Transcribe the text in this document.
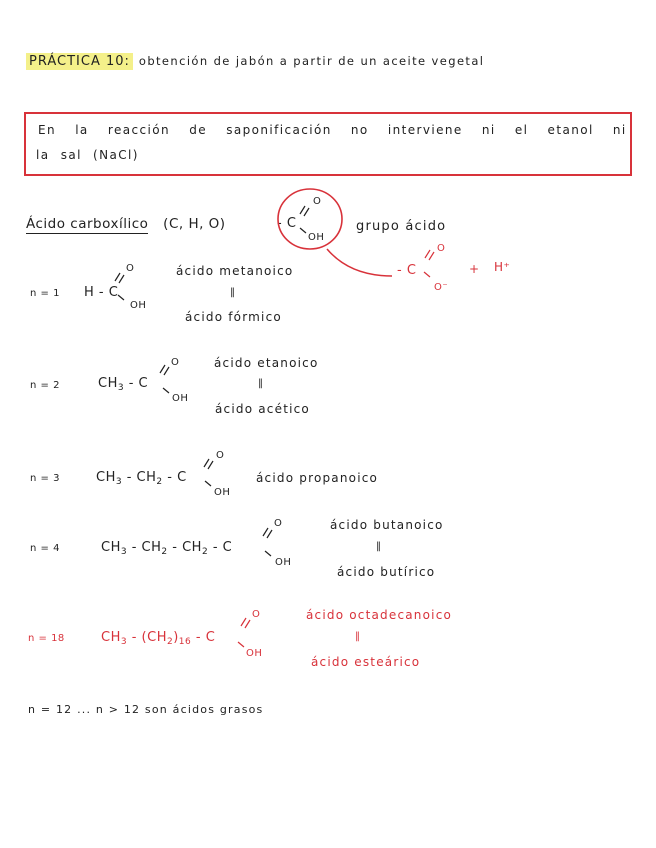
PRÁCTICA 10: obtención de jabón a partir de un aceite vegetal
En la reacción de saponificación no interviene ni el etanol ni
la sal (NaCl)
Ácido carboxílico (C, H, O)	- C
O
OH
grupo ácido
- C
O
O⁻
+ H⁺
n = 1 H - C
O
OH
ácido metanoico
‖
ácido fórmico
n = 2	$CH_3$ - C
O
OH
ácido etanoico
‖
ácido acético
n = 3	$CH_3 - CH_2$ - C
O
OH
ácido propanoico
n = 4	$CH_3 - CH_2 - CH_2$ - C
O
OH
ácido butanoico
‖
ácido butírico
n = 18	$CH_3 - (CH_2)_{16}$ - C
O
OH
ácido octadecanoico
‖
ácido esteárico
n = 12 ... n > 12 son ácidos grasos
